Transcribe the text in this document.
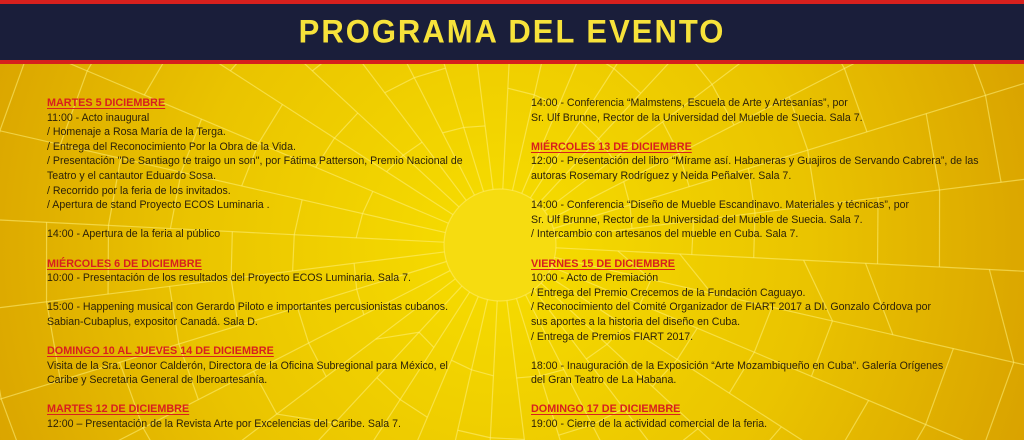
PROGRAMA DEL EVENTO
MARTES 5 DICIEMBRE
11:00 - Acto inaugural
/ Homenaje a Rosa María de la Terga.
/ Entrega del Reconocimiento Por la Obra de la Vida.
/ Presentación "De Santiago te traigo un son", por Fátima Patterson, Premio Nacional de
Teatro y el cantautor Eduardo Sosa.
/ Recorrido por la feria de los invitados.
/ Apertura de stand Proyecto ECOS Luminaria .
14:00 - Apertura de la feria al público
MIÉRCOLES 6 DE DICIEMBRE
10:00 - Presentación de los resultados del Proyecto ECOS Luminaria. Sala 7.
15:00 - Happening musical con Gerardo Piloto e importantes percusionistas cubanos.
Sabian-Cubaplus, expositor Canadá. Sala D.
DOMINGO 10 AL JUEVES 14 DE DICIEMBRE
Visita de la Sra. Leonor Calderón, Directora de la Oficina Subregional para México, el
Caribe y Secretaria General de Iberoartesanía.
MARTES 12 DE DICIEMBRE
12:00 – Presentación de la Revista Arte por Excelencias del Caribe. Sala 7.
14:00 - Conferencia “Malmstens, Escuela de Arte y Artesanías”, por
Sr. Ulf Brunne, Rector de la Universidad del Mueble de Suecia. Sala 7.
MIÉRCOLES 13 DE DICIEMBRE
12:00 - Presentación del libro “Mírame así. Habaneras y Guajiros de Servando Cabrera”, de las
autoras Rosemary Rodríguez y Neida Peñalver. Sala 7.
14:00 - Conferencia “Diseño de Mueble Escandinavo. Materiales y técnicas”, por
Sr. Ulf Brunne, Rector de la Universidad del Mueble de Suecia. Sala 7.
/ Intercambio con artesanos del mueble en Cuba. Sala 7.
VIERNES 15 DE DICIEMBRE
10:00 - Acto de Premiación
/ Entrega del Premio Crecemos de la Fundación Caguayo.
/ Reconocimiento del Comité Organizador de FIART 2017 a DI. Gonzalo Córdova por
sus aportes a la historia del diseño en Cuba.
/ Entrega de Premios FIART 2017.
18:00 - Inauguración de la Exposición “Arte Mozambiqueño en Cuba”. Galería Orígenes
del Gran Teatro de La Habana.
DOMINGO 17 DE DICIEMBRE
19:00 - Cierre de la actividad comercial de la feria.
